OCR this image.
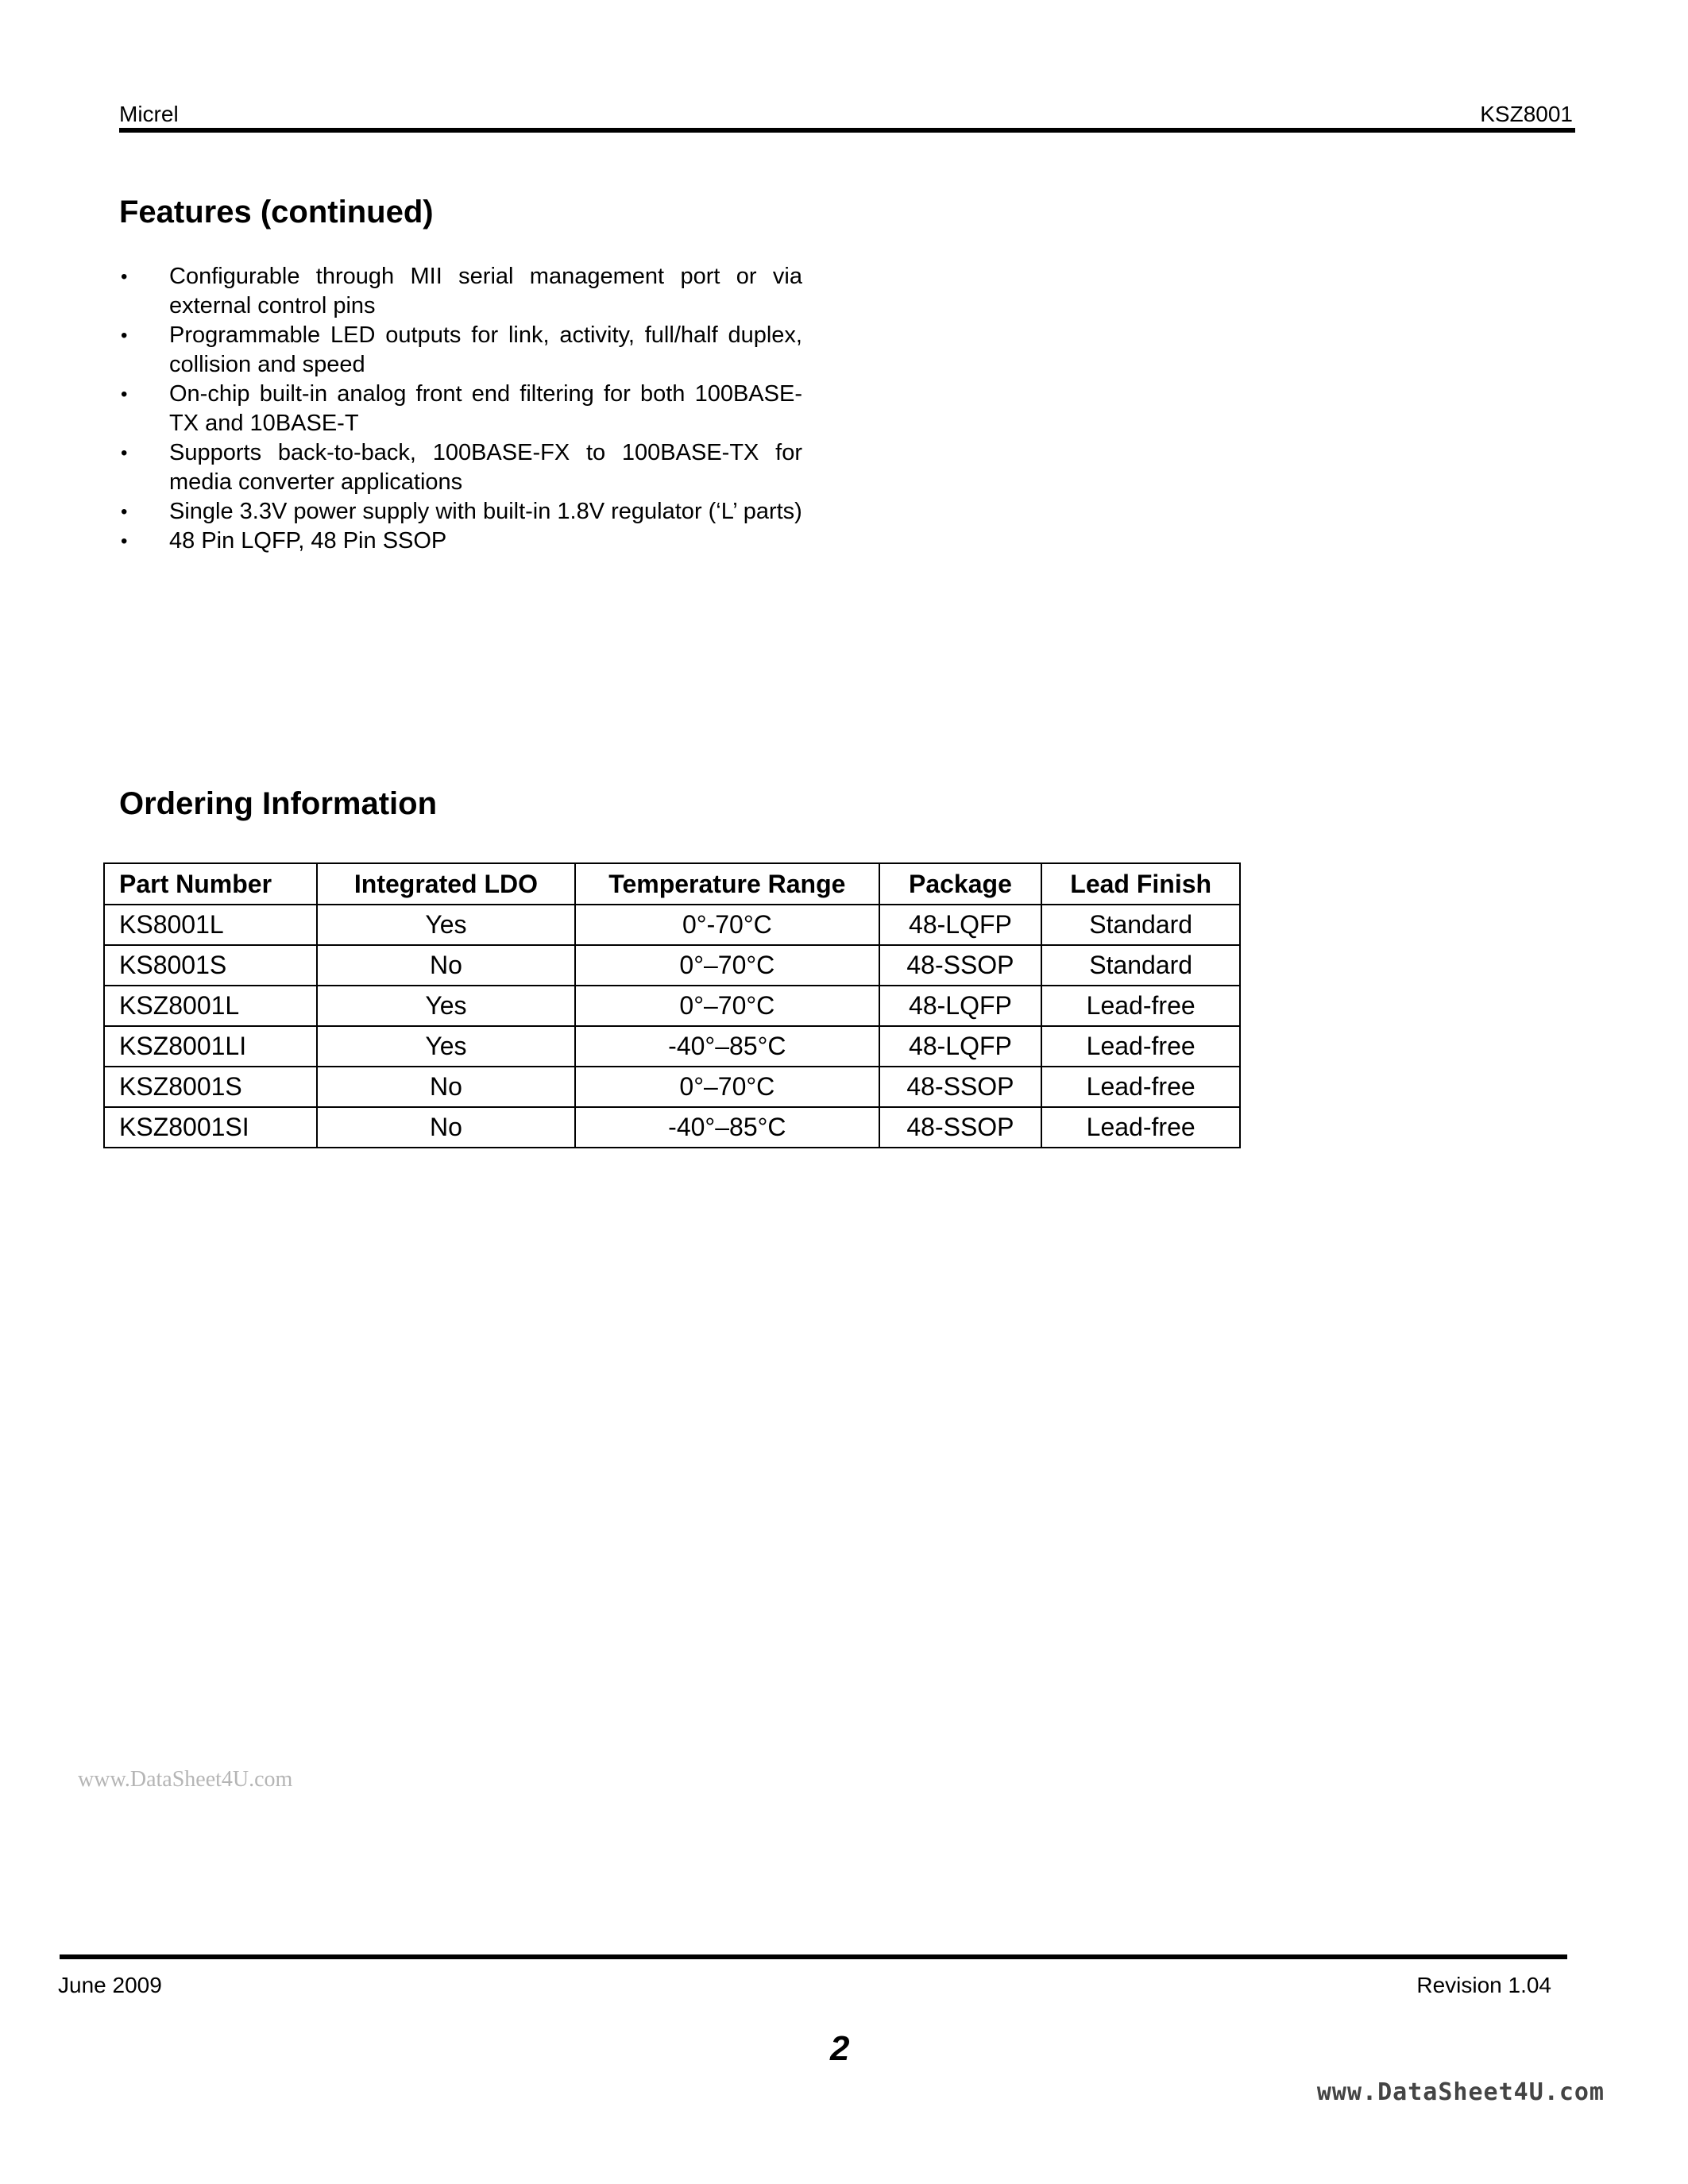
Micrel	KSZ8001
Features (continued)
• Configurable through MII serial management port or via external control pins
• Programmable LED outputs for link, activity, full/half duplex, collision and speed
• On-chip built-in analog front end filtering for both 100BASE-TX and 10BASE-T
• Supports back-to-back, 100BASE-FX to 100BASE-TX for media converter applications
• Single 3.3V power supply with built-in 1.8V regulator (‘L’ parts)
• 48 Pin LQFP, 48 Pin SSOP
Ordering Information
Part Number	Integrated LDO	Temperature Range	Package	Lead Finish
KS8001L	Yes	0°-70°C	48-LQFP	Standard
KS8001S	No	0°–70°C	48-SSOP	Standard
KSZ8001L	Yes	0°–70°C	48-LQFP	Lead-free
KSZ8001LI	Yes	-40°–85°C	48-LQFP	Lead-free
KSZ8001S	No	0°–70°C	48-SSOP	Lead-free
KSZ8001SI	No	-40°–85°C	48-SSOP	Lead-free
www.DataSheet4U.com
June 2009	Revision 1.04
2
www.DataSheet4U.com
